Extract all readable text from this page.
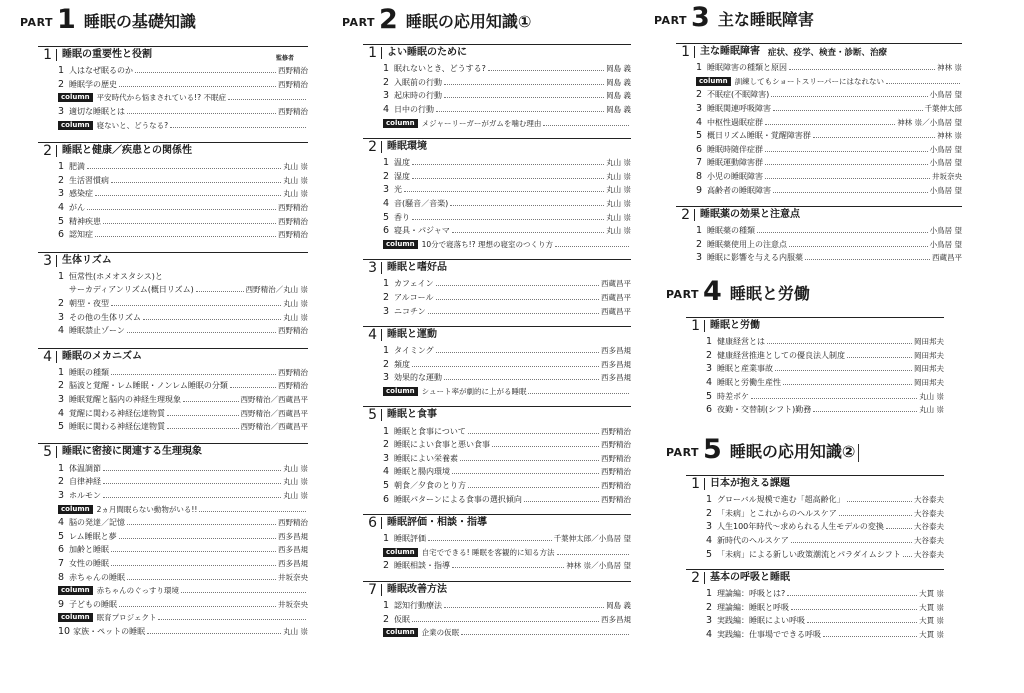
PART 1 睡眠の基礎知識
1	睡眠の重要性と役割	監修者
1 人はなぜ眠るのか	西野精治
2 睡眠学の歴史	西野精治
column 平安時代から悩まされている!? 不眠症
3 適切な睡眠とは	西野精治
column 寝ないと、どうなる?
2	睡眠と健康／疾患との関係性
1 肥満	丸山 崇
2 生活習慣病	丸山 崇
3 感染症	丸山 崇
4 がん	西野精治
5 精神疾患	西野精治
6 認知症	西野精治
3	生体リズム
1 恒常性(ホメオスタシス)と
サーカディアンリズム(概日リズム)	西野精治／丸山 崇
2 朝型・夜型	丸山 崇
3 その他の生体リズム	丸山 崇
4 睡眠禁止ゾーン	西野精治
4	睡眠のメカニズム
1 睡眠の種類	西野精治
2 脳波と覚醒・レム睡眠・ノンレム睡眠の分類	西野精治
3 睡眠覚醒と脳内の神経生理現象	西野精治／西蔵昌平
4 覚醒に関わる神経伝達物質	西野精治／西蔵昌平
5 睡眠に関わる神経伝達物質	西野精治／西蔵昌平
5	睡眠に密接に関連する生理現象
1 体温調節	丸山 崇
2 自律神経	丸山 崇
3 ホルモン	丸山 崇
column 2ヵ月間眠らない動物がいる!!
4 脳の発達／記憶	西野精治
5 レム睡眠と夢	西多昌規
6 加齢と睡眠	西多昌規
7 女性の睡眠	西多昌規
8 赤ちゃんの睡眠	井坂奈央
column 赤ちゃんのぐっすり環境
9 子どもの睡眠	井坂奈央
column 眠育プロジェクト
10 家族・ペットの睡眠	丸山 崇
PART 2 睡眠の応用知識①
1	よい睡眠のために
1 眠れないとき、どうする?	岡島 義
2 入眠前の行動	岡島 義
3 起床時の行動	岡島 義
4 日中の行動	岡島 義
column メジャーリーガーがガムを噛む理由
2	睡眠環境
1 温度	丸山 崇
2 湿度	丸山 崇
3 光	丸山 崇
4 音(騒音／音楽)	丸山 崇
5 香り	丸山 崇
6 寝具・パジャマ	丸山 崇
column 10分で寝落ち!? 理想の寝室のつくり方
3	睡眠と嗜好品
1 カフェイン	西蔵昌平
2 アルコール	西蔵昌平
3 ニコチン	西蔵昌平
4	睡眠と運動
1 タイミング	西多昌規
2 頻度	西多昌規
3 効果的な運動	西多昌規
column シュート率が劇的に上がる睡眠
5	睡眠と食事
1 睡眠と食事について	西野精治
2 睡眠によい食事と悪い食事	西野精治
3 睡眠によい栄養素	西野精治
4 睡眠と腸内環境	西野精治
5 朝食／夕食のとり方	西野精治
6 睡眠パターンによる食事の選択傾向	西野精治
6	睡眠評価・相談・指導
1 睡眠評価	千葉伸太郎／小鳥居 望
column 自宅でできる! 睡眠を客観的に知る方法
2 睡眠相談・指導	神林 崇／小鳥居 望
7	睡眠改善方法
1 認知行動療法	岡島 義
2 仮眠	西多昌規
column 企業の仮眠
PART 3 主な睡眠障害
1	主な睡眠障害 症状、疫学、検査・診断、治療
1 睡眠障害の種類と原因	神林 崇
column 訓練してもショートスリーパーにはなれない
2 不眠症(不眠障害)	小鳥居 望
3 睡眠関連呼吸障害	千葉伸太郎
4 中枢性過眠症群	神林 崇／小鳥居 望
5 概日リズム睡眠・覚醒障害群	神林 崇
6 睡眠時随伴症群	小鳥居 望
7 睡眠運動障害群	小鳥居 望
8 小児の睡眠障害	井坂奈央
9 高齢者の睡眠障害	小鳥居 望
2	睡眠薬の効果と注意点
1 睡眠薬の種類	小鳥居 望
2 睡眠薬使用上の注意点	小鳥居 望
3 睡眠に影響を与える内服薬	西蔵昌平
PART 4 睡眠と労働
1	睡眠と労働
1 健康経営とは	岡田邦夫
2 健康経営推進としての優良法人制度	岡田邦夫
3 睡眠と産業事故	岡田邦夫
4 睡眠と労働生産性	岡田邦夫
5 時差ボケ	丸山 崇
6 夜勤・交替制(シフト)勤務	丸山 崇
PART 5 睡眠の応用知識②
1	日本が抱える課題
1 グローバル規模で進む「超高齢化」	大谷泰夫
2 「未病」とこれからのヘルスケア	大谷泰夫
3 人生100年時代〜求められる人生モデルの変換	大谷泰夫
4 新時代のヘルスケア	大谷泰夫
5 「未病」による新しい政策潮流とパラダイムシフト 大谷泰夫
2	基本の呼吸と睡眠
1 理論編：呼吸とは?	大貫 崇
2 理論編：睡眠と呼吸	大貫 崇
3 実践編：睡眠によい呼吸	大貫 崇
4 実践編：仕事場でできる呼吸	大貫 崇
